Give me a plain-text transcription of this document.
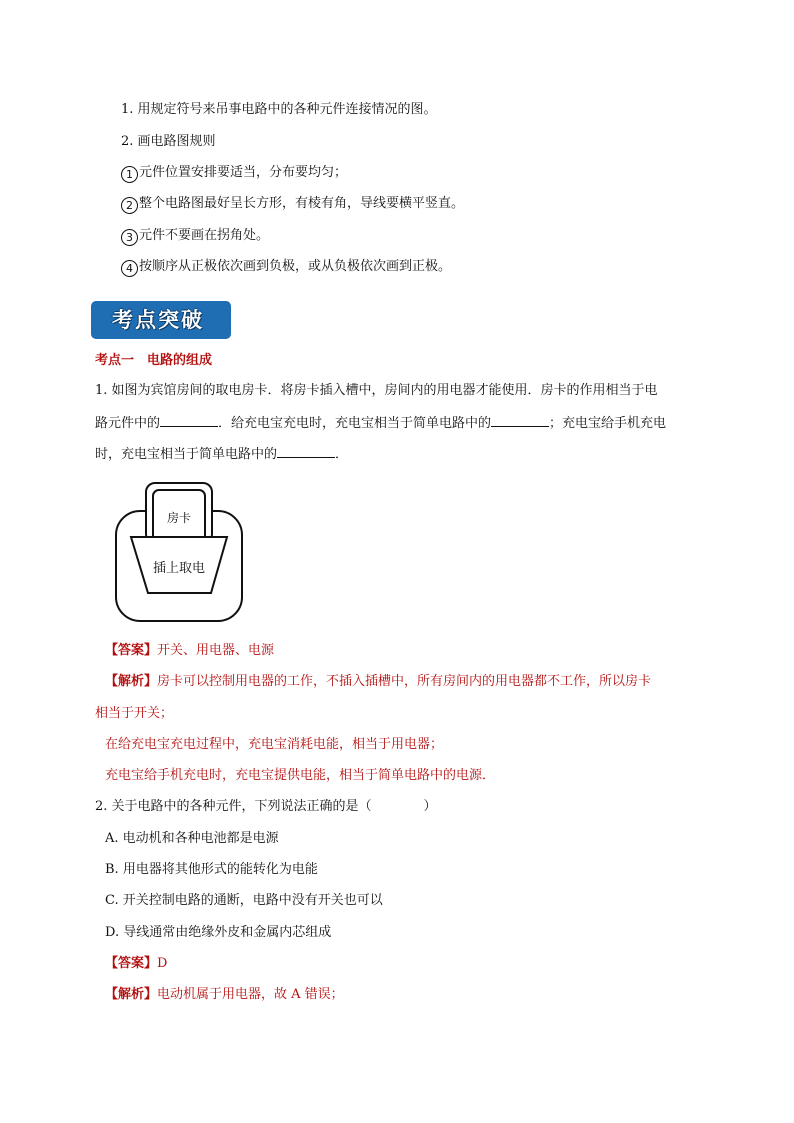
1. 用规定符号来吊事电路中的各种元件连接情况的图。
2. 画电路图规则
1 元件位置安排要适当，分布要均匀；
2 整个电路图最好呈长方形，有棱有角，导线要横平竖直。
3 元件不要画在拐角处。
4 按顺序从正极依次画到负极，或从负极依次画到正极。
考点突破
考点一　电路的组成
1. 如图为宾馆房间的取电房卡．将房卡插入槽中，房间内的用电器才能使用．房卡的作用相当于电
路元件中的	．给充电宝充电时，充电宝相当于简单电路中的	；充电宝给手机充电
时，充电宝相当于简单电路中的	．
房卡
插上取电
【答案】开关、用电器、电源
【解析】房卡可以控制用电器的工作，不插入插槽中，所有房间内的用电器都不工作，所以房卡
相当于开关；
在给充电宝充电过程中，充电宝消耗电能，相当于用电器；
充电宝给手机充电时，充电宝提供电能，相当于简单电路中的电源．
2. 关于电路中的各种元件，下列说法正确的是（	）
A. 电动机和各种电池都是电源
B. 用电器将其他形式的能转化为电能
C. 开关控制电路的通断，电路中没有开关也可以
D. 导线通常由绝缘外皮和金属内芯组成
【答案】D
【解析】电动机属于用电器，故 A 错误；
